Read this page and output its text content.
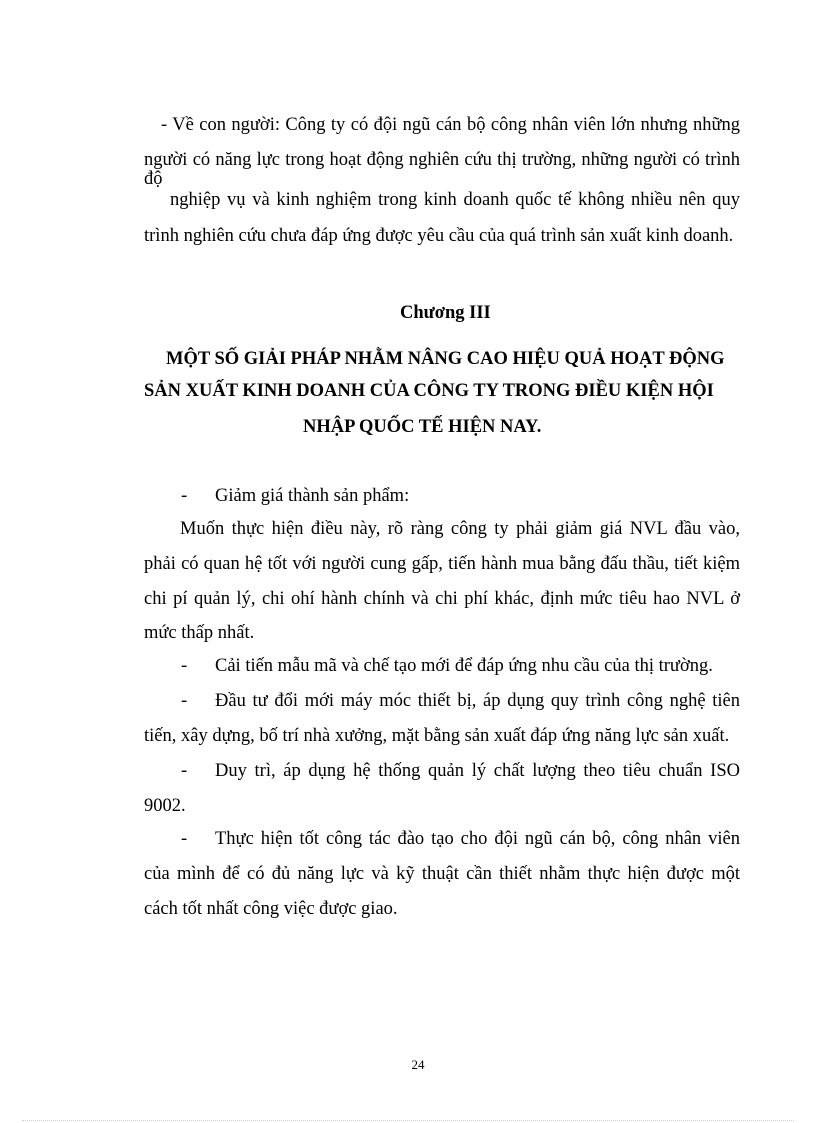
- Về con người: Công ty có đội ngũ cán bộ công nhân viên lớn nhưng những
người có năng lực trong hoạt động nghiên cứu thị trường, những người có trình độ
nghiệp vụ và kinh nghiệm trong kinh doanh quốc tế không nhiều nên quy
trình nghiên cứu chưa đáp ứng được yêu cầu của quá trình sản xuất kinh doanh.
Chương III
MỘT SỐ GIẢI PHÁP NHẰM NÂNG CAO HIỆU QUẢ HOẠT ĐỘNG
SẢN XUẤT KINH DOANH CỦA CÔNG TY TRONG ĐIỀU KIỆN HỘI
NHẬP QUỐC TẾ HIỆN NAY.
- Giảm giá thành sản phẩm:
Muốn thực hiện điều này, rõ ràng công ty phải giảm giá NVL đầu vào,
phải có quan hệ tốt với người cung gấp, tiến hành mua bằng đấu thầu, tiết kiệm
chi pí quản lý, chi ohí hành chính và chi phí khác, định mức tiêu hao NVL ở
mức thấp nhất.
- Cải tiến mẫu mã và chế tạo mới để đáp ứng nhu cầu của thị trường.
- Đầu tư đổi mới máy móc thiết bị, áp dụng quy trình công nghệ tiên
tiến, xây dựng, bố trí nhà xưởng, mặt bằng sản xuất đáp ứng năng lực sản xuất.
- Duy trì, áp dụng hệ thống quản lý chất lượng theo tiêu chuẩn ISO
9002.
- Thực hiện tốt công tác đào tạo cho đội ngũ cán bộ, công nhân viên
của mình để có đủ năng lực và kỹ thuật cần thiết nhằm thực hiện được một
cách tốt nhất công việc được giao.
24
